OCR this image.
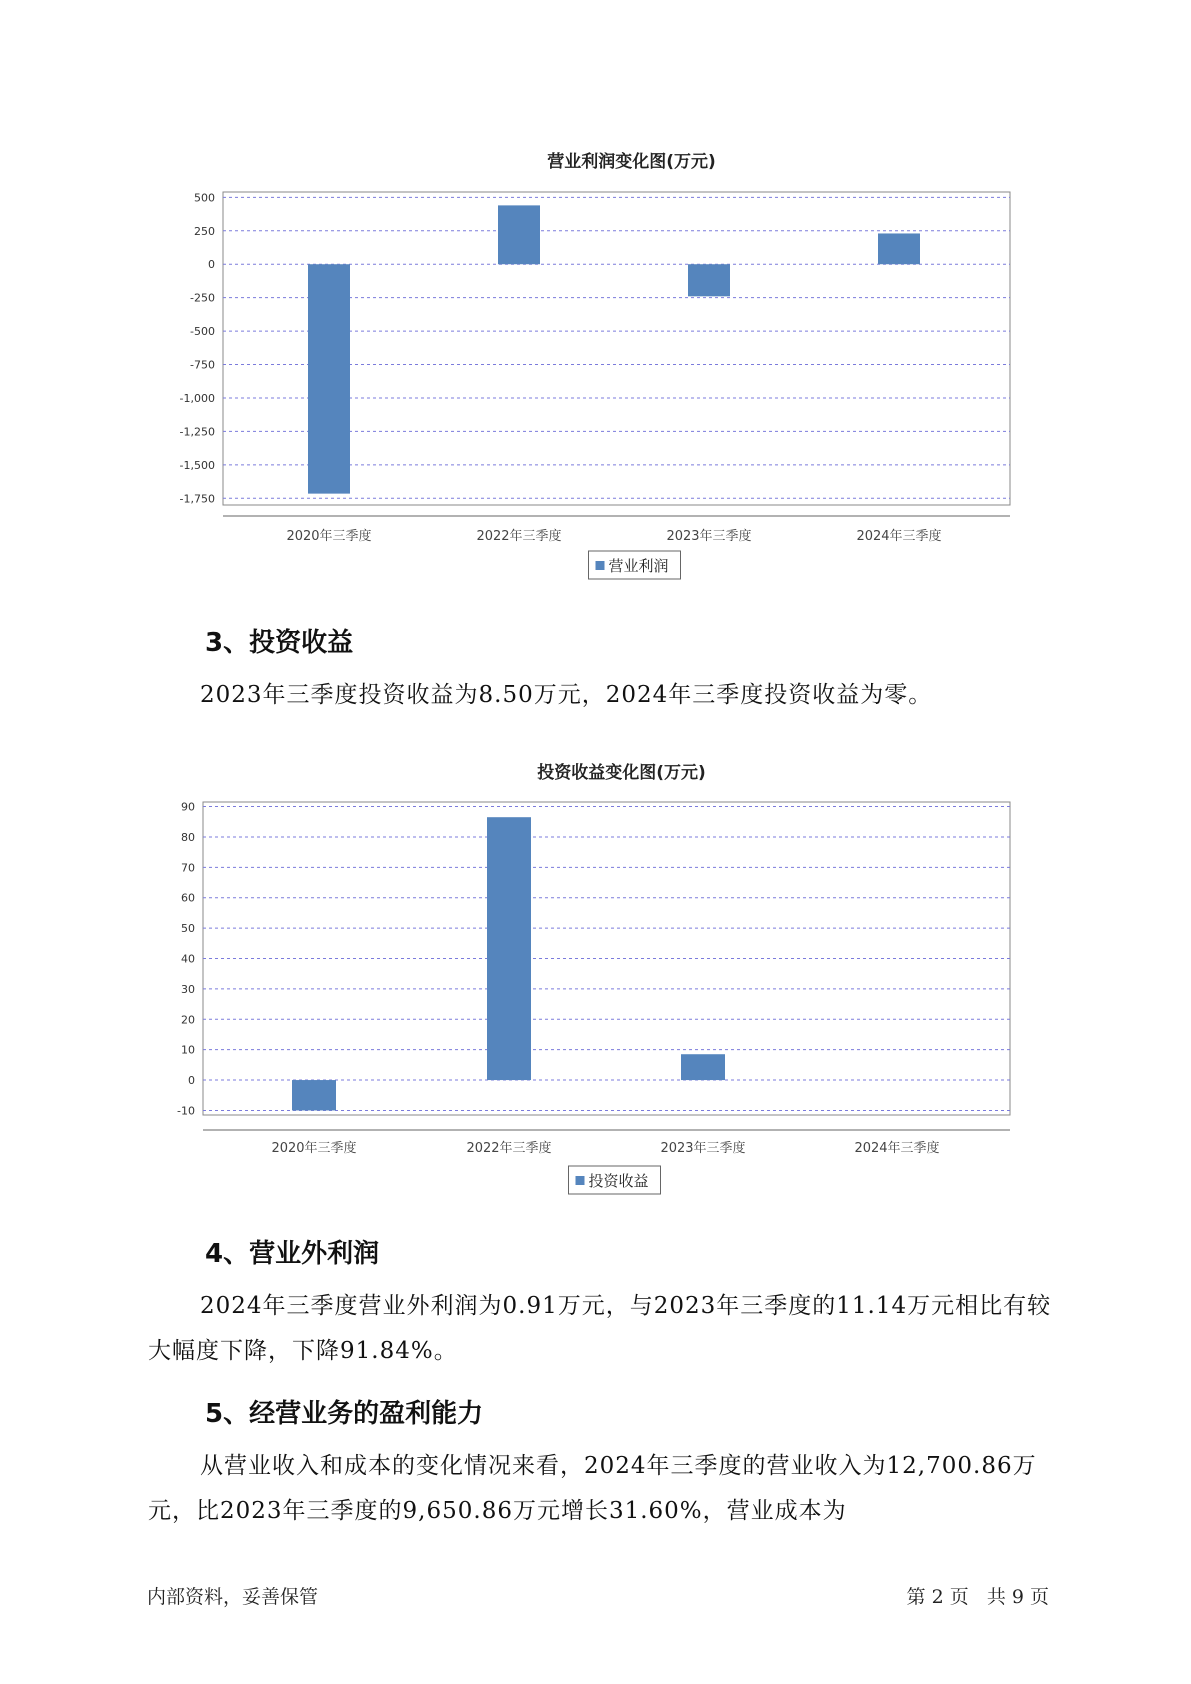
营业利润变化图(万元)
500
250
0
-250
-500
-750
-1,000
-1,250
-1,500
-1,750
2020年三季度	2022年三季度	2023年三季度	2024年三季度
营业利润
3、投资收益

2023年三季度投资收益为8.50万元，2024年三季度投资收益为零。

投资收益变化图(万元)
90
80
70
60
50
40
30
20
10
0
-10
2020年三季度	2022年三季度	2023年三季度	2024年三季度
投资收益
4、营业外利润

2024年三季度营业外利润为0.91万元，与2023年三季度的11.14万元相比有较大幅度下降，下降91.84%。

5、经营业务的盈利能力

从营业收入和成本的变化情况来看，2024年三季度的营业收入为12,700.86万元，比2023年三季度的9,650.86万元增长31.60%，营业成本为

内部资料，妥善保管	第 2 页   共 9 页
